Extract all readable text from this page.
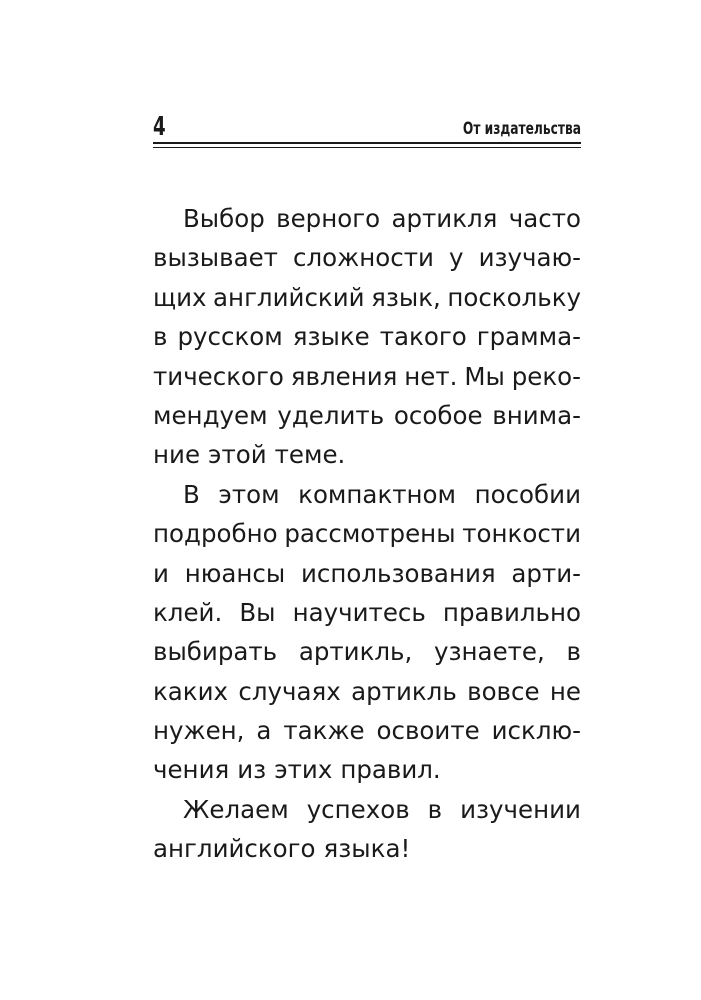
4	От издательства
Выбор верного артикля часто
вызывает сложности у изучаю-
щих английский язык, поскольку
в русском языке такого грамма-
тического явления нет. Мы реко-
мендуем уделить особое внима-
ние этой теме.
В этом компактном пособии
подробно рассмотрены тонкости
и нюансы использования арти-
клей. Вы научитесь правильно
выбирать артикль, узнаете, в
каких случаях артикль вовсе не
нужен, а также освоите исклю-
чения из этих правил.
Желаем успехов в изучении
английского языка!
